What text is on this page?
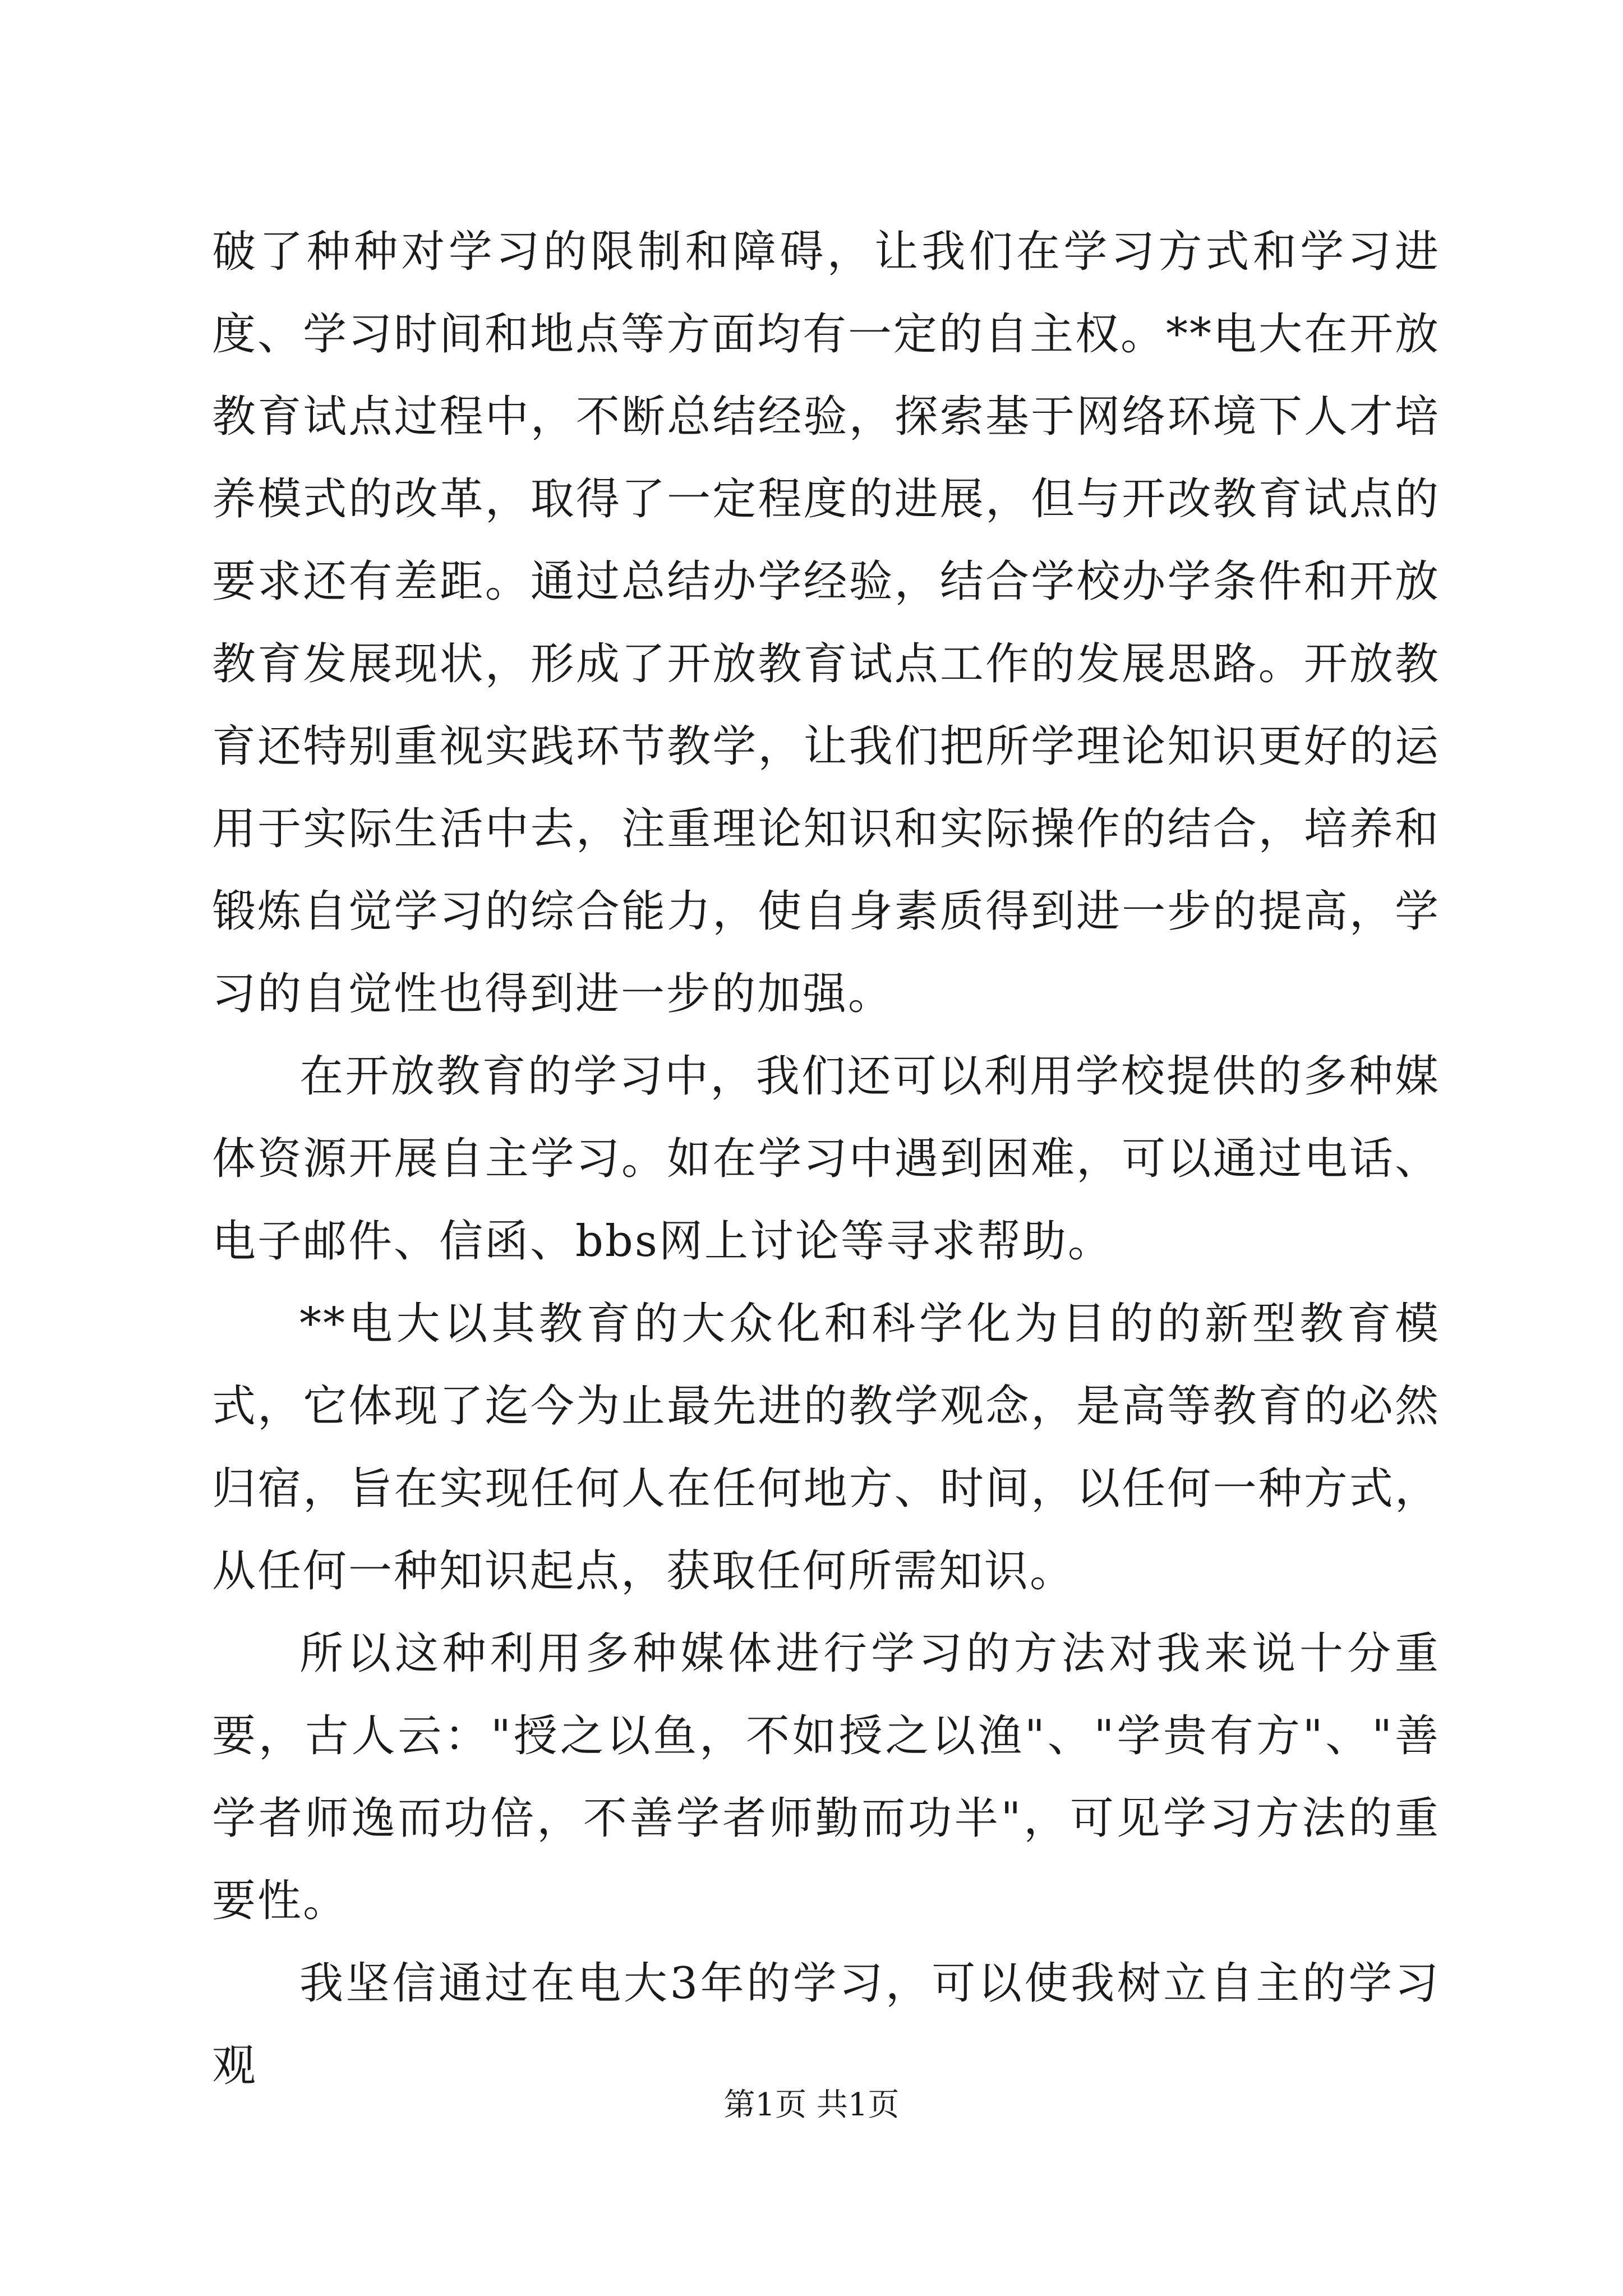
破了种种对学习的限制和障碍，让我们在学习方式和学习进度、学习时间和地点等方面均有一定的自主权。**电大在开放教育试点过程中，不断总结经验，探索基于网络环境下人才培养模式的改革，取得了一定程度的进展，但与开改教育试点的要求还有差距。通过总结办学经验，结合学校办学条件和开放教育发展现状，形成了开放教育试点工作的发展思路。开放教育还特别重视实践环节教学，让我们把所学理论知识更好的运用于实际生活中去，注重理论知识和实际操作的结合，培养和锻炼自觉学习的综合能力，使自身素质得到进一步的提高，学习的自觉性也得到进一步的加强。

在开放教育的学习中，我们还可以利用学校提供的多种媒体资源开展自主学习。如在学习中遇到困难，可以通过电话、电子邮件、信函、bbs网上讨论等寻求帮助。

**电大以其教育的大众化和科学化为目的的新型教育模式，它体现了迄今为止最先进的教学观念，是高等教育的必然归宿，旨在实现任何人在任何地方、时间，以任何一种方式，从任何一种知识起点，获取任何所需知识。

所以这种利用多种媒体进行学习的方法对我来说十分重要，古人云："授之以鱼，不如授之以渔"、"学贵有方"、"善学者师逸而功倍，不善学者师勤而功半"，可见学习方法的重要性。

我坚信通过在电大3年的学习，可以使我树立自主的学习观

第1页 共1页
